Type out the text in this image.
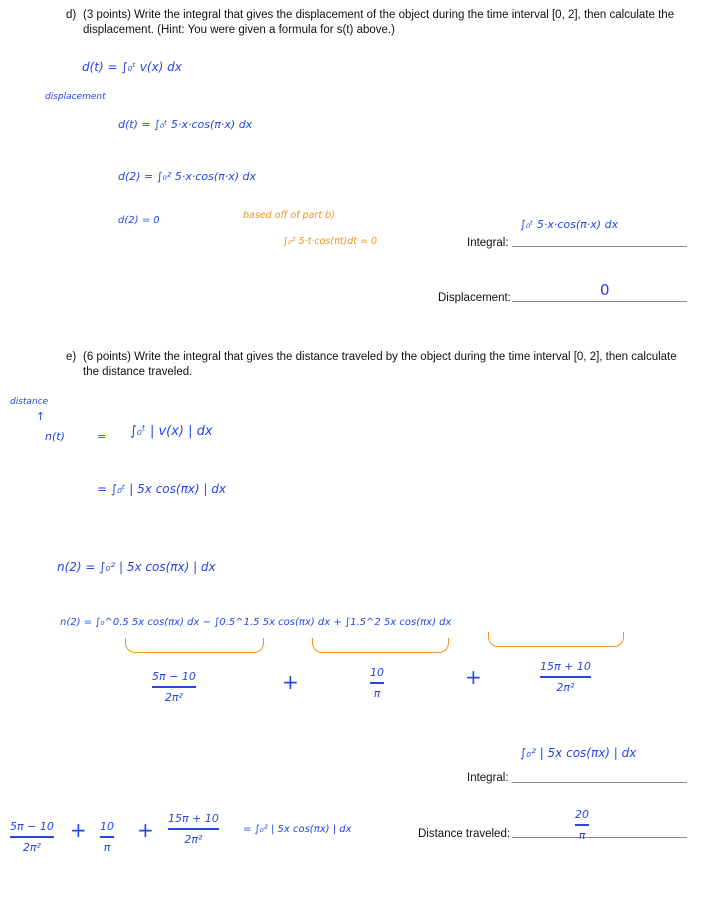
d) (3 points) Write the integral that gives the displacement of the object during the time interval [0, 2], then calculate the
displacement. (Hint: You were given a formula for s(t) above.)
d(t) = ∫₀ᵗ v(x) dx
displacement
d(t) = ∫₀ᵗ 5·x·cos(π·x) dx
d(2) = ∫₀² 5·x·cos(π·x) dx
d(2) = 0	based off of part b)
∫₀² 5·t·cos(πt)dt = 0
∫₀ᵗ 5·x·cos(π·x) dx
Integral:
0
Displacement:
e) (6 points) Write the integral that gives the distance traveled by the object during the time interval [0, 2], then calculate
the distance traveled.
distance
↑
n(t)	= ∫₀ᵗ | v(x) | dx
= ∫₀ᵗ | 5x cos(πx) | dx
n(2) = ∫₀² | 5x cos(πx) | dx
n(2) = ∫₀^0.5 5x cos(πx) dx − ∫0.5^1.5 5x cos(πx) dx + ∫1.5^2 5x cos(πx) dx
5π − 10
2π²
+	10
π
+	15π + 10
2π²
∫₀² | 5x cos(πx) | dx
Integral:
5π − 10
2π²
+ 10
π
+ 15π + 10
2π²
= ∫₀² | 5x cos(πx) | dx	Distance traveled:
20
π
